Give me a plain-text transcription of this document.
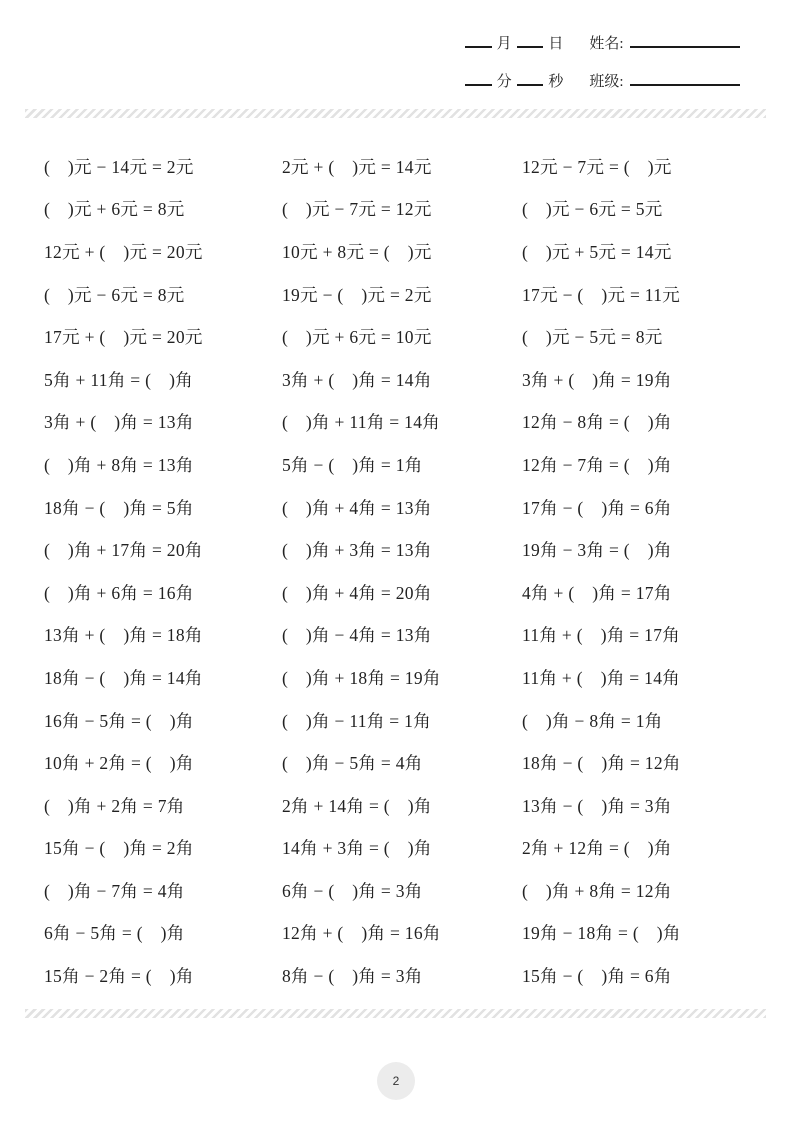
月 日 姓名:
分 秒 班级:
(　)元 − 14元 = 2元	2元 + (　)元 = 14元	12元 − 7元 = (　)元
(　)元 + 6元 = 8元	(　)元 − 7元 = 12元	(　)元 − 6元 = 5元
12元 + (　)元 = 20元	10元 + 8元 = (　)元	(　)元 + 5元 = 14元
(　)元 − 6元 = 8元	19元 − (　)元 = 2元	17元 − (　)元 = 11元
17元 + (　)元 = 20元	(　)元 + 6元 = 10元	(　)元 − 5元 = 8元
5角 + 11角 = (　)角	3角 + (　)角 = 14角	3角 + (　)角 = 19角
3角 + (　)角 = 13角	(　)角 + 11角 = 14角	12角 − 8角 = (　)角
(　)角 + 8角 = 13角	5角 − (　)角 = 1角	12角 − 7角 = (　)角
18角 − (　)角 = 5角	(　)角 + 4角 = 13角	17角 − (　)角 = 6角
(　)角 + 17角 = 20角	(　)角 + 3角 = 13角	19角 − 3角 = (　)角
(　)角 + 6角 = 16角	(　)角 + 4角 = 20角	4角 + (　)角 = 17角
13角 + (　)角 = 18角	(　)角 − 4角 = 13角	11角 + (　)角 = 17角
18角 − (　)角 = 14角	(　)角 + 18角 = 19角	11角 + (　)角 = 14角
16角 − 5角 = (　)角	(　)角 − 11角 = 1角	(　)角 − 8角 = 1角
10角 + 2角 = (　)角	(　)角 − 5角 = 4角	18角 − (　)角 = 12角
(　)角 + 2角 = 7角	2角 + 14角 = (　)角	13角 − (　)角 = 3角
15角 − (　)角 = 2角	14角 + 3角 = (　)角	2角 + 12角 = (　)角
(　)角 − 7角 = 4角	6角 − (　)角 = 3角	(　)角 + 8角 = 12角
6角 − 5角 = (　)角	12角 + (　)角 = 16角	19角 − 18角 = (　)角
15角 − 2角 = (　)角	8角 − (　)角 = 3角	15角 − (　)角 = 6角
2
